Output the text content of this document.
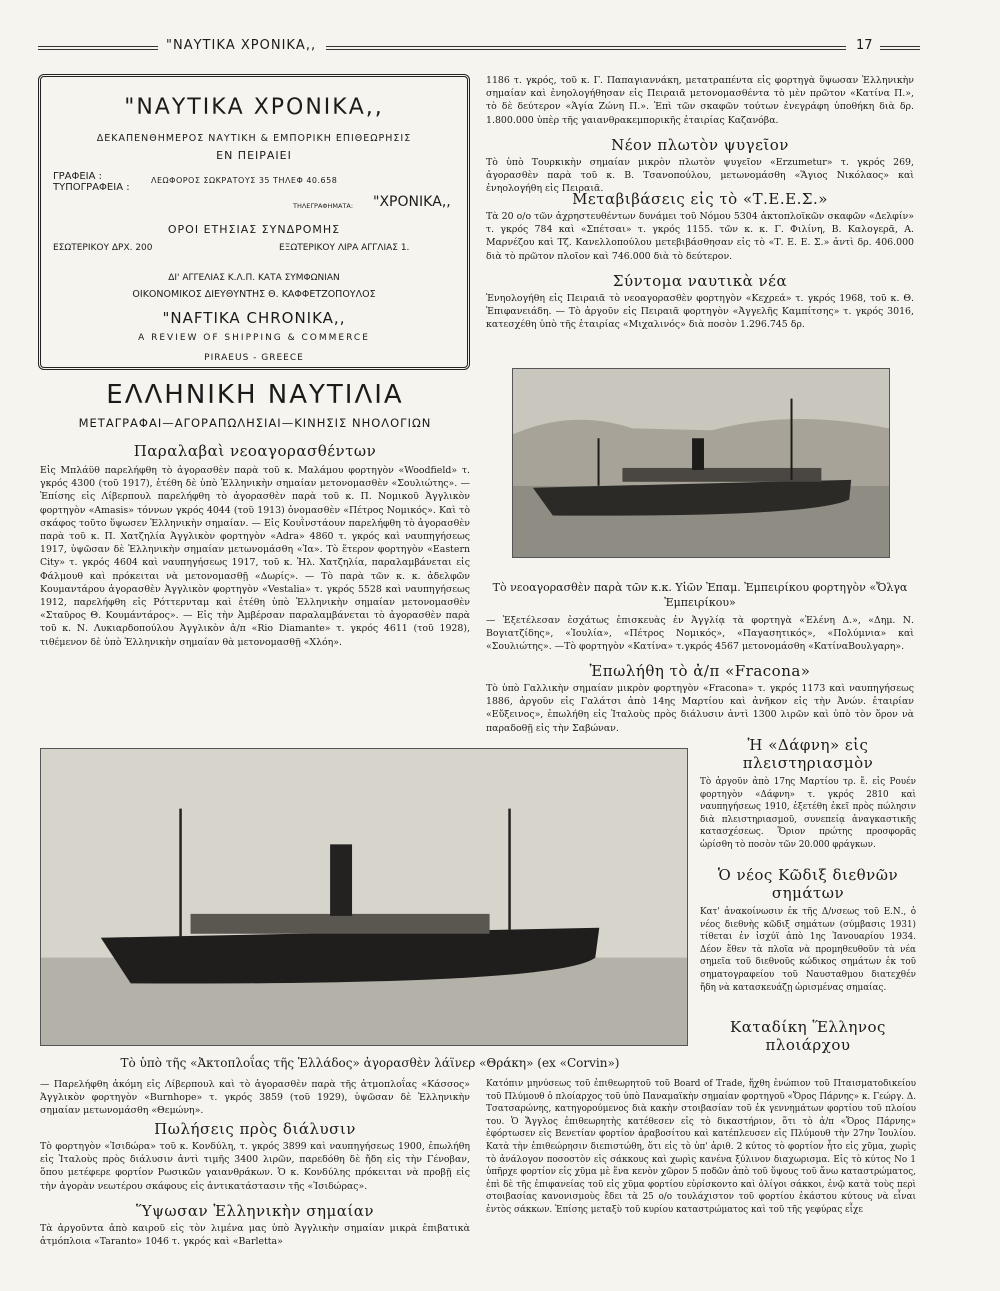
"ΝΑΥΤΙΚΑ ΧΡΟΝΙΚΑ,,	17
"ΝΑΥΤΙΚΑ ΧΡΟΝΙΚΑ,,
ΔΕΚΑΠΕΝΘΗΜΕΡΟΣ ΝΑΥΤΙΚΗ & ΕΜΠΟΡΙΚΗ ΕΠΙΘΕΩΡΗΣΙΣ
ΕΝ ΠΕΙΡΑΙΕΙ
ΓΡΑΦΕΙΑ :
ΤΥΠΟΓΡΑΦΕΙΑ :
ΛΕΩΦΟΡΟΣ ΣΩΚΡΑΤΟΥΣ 35 ΤΗΛΕΦ 40.658
ΤΗΛΕΓΡΑΦΗΜΑΤΑ: "ΧΡΟΝΙΚΑ,,
ΟΡΟΙ ΕΤΗΣΙΑΣ ΣΥΝΔΡΟΜΗΣ
ΕΣΩΤΕΡΙΚΟΥ ΔΡΧ. 200	ΕΞΩΤΕΡΙΚΟΥ ΛΙΡΑ ΑΓΓΛΙΑΣ 1.
ΔΙ' ΑΓΓΕΛΙΑΣ Κ.Λ.Π. ΚΑΤΑ ΣΥΜΦΩΝΙΑΝ
ΟΙΚΟΝΟΜΙΚΟΣ ΔΙΕΥΘΥΝΤΗΣ Θ. ΚΑΦΦΕΤΖΟΠΟΥΛΟΣ
"NAFTIKA CHRONIKA,,
A REVIEW OF SHIPPING & COMMERCE
PIRAEUS - GREECE
ΕΛΛΗΝΙΚΗ ΝΑΥΤΙΛΙΑ
ΜΕΤΑΓΡΑΦΑΙ—ΑΓΟΡΑΠΩΛΗΣΙΑΙ—ΚΙΝΗΣΙΣ ΝΗΟΛΟΓΙΩΝ
Παραλαβαὶ νεοαγορασθέντων
Εἰς Μπλάϋθ παρελήφθη τὸ ἀγορασθὲν παρὰ τοῦ κ. Μαλάμου φορτηγὸν «Woodfield» τ. γκρός 4300 (τοῦ 1917), ἐτέθη δὲ ὑπὸ Ἑλληνικὴν σημαίαν μετονομασθὲν «Σουλιώτης». — Ἐπίσης εἰς Λίβερπουλ παρελήφθη τὸ ἀγορασθὲν παρὰ τοῦ κ. Π. Νομικοῦ Ἀγγλικὸν φορτηγὸν «Amasis» τόννων γκρός 4044 (τοῦ 1913) ὀνομασθὲν «Πέτρος Νομικός». Καὶ τὸ σκάφος τοῦτο ὕψωσεν Ἑλληνικὴν σημαίαν. — Εἰς Κουῒνστάουν παρελήφθη τὸ ἀγορασθὲν παρὰ τοῦ κ. Π. Χατζηλία Ἀγγλικὸν φορτηγὸν «Adra» 4860 τ. γκρός καὶ ναυπηγήσεως 1917, ὑψῶσαν δὲ Ἑλληνικὴν σημαίαν μετωνομάσθη «Ἰα». Τὸ ἕτερον φορτηγὸν «Eastern City» τ. γκρός 4604 καὶ ναυπηγήσεως 1917, τοῦ κ. Ἠλ. Χατζηλία, παραλαμβάνεται εἰς Φάλμουθ καὶ πρόκειται νὰ μετονομασθῇ «Δωρίς». — Τὸ παρὰ τῶν κ. κ. ἀδελφῶν Κουμαντάρου ἀγορασθὲν Ἀγγλικὸν φορτηγὸν «Vestalia» τ. γκρός 5528 καὶ ναυπηγήσεως 1912, παρελήφθη εἰς Ρόττερνταμ καὶ ἐτέθη ὑπὸ Ἑλληνικὴν σημαίαν μετονομασθὲν «Σταῦρος Θ. Κουμάντάρος». — Εἰς τὴν Ἀμβέρσαν παραλαμβάνεται τὸ ἀγορασθὲν παρὰ τοῦ κ. Ν. Λυκιαρδοπούλου Ἀγγλικὸν ἀ/π «Rio Diamante» τ. γκρός 4611 (τοῦ 1928), τιθέμενον δὲ ὑπὸ Ἑλληνικὴν σημαίαν θὰ μετονομασθῇ «Χλόη».
1186 τ. γκρός, τοῦ κ. Γ. Παπαγιαννάκη, μετατραπέντα εἰς φορτηγὰ ὕψωσαν Ἑλληνικὴν σημαίαν καὶ ἐνηολογήθησαν εἰς Πειραιᾶ μετονομασθέντα τὸ μὲν πρῶτον «Κατίνα Π.», τὸ δὲ δεύτερον «Ἁγία Ζώνη Π.». Ἐπὶ τῶν σκαφῶν τούτων ἐνεγράφη ὑποθήκη διὰ δρ. 1.800.000 ὑπὲρ τῆς γαιανθρακεμπορικῆς ἑταιρίας Καζανόβα.
Νέον πλωτὸν ψυγεῖον
Τὸ ὑπὸ Τουρκικὴν σημαίαν μικρὸν πλωτὸν ψυγεῖον «Erzumetur» τ. γκρός 269, ἀγορασθὲν παρὰ τοῦ κ. Β. Τσανοπούλου, μετωνομάσθη «Ἅγιος Νικόλαος» καὶ ἐνηολογήθη εἰς Πειραιᾶ.
Μεταβιβάσεις εἰς τὸ «Τ.Ε.Ε.Σ.»
Τὰ 20 ο/ο τῶν ἀχρηστευθέντων δυνάμει τοῦ Νόμου 5304 ἀκτοπλοϊκῶν σκαφῶν «Δελφίν» τ. γκρός 784 καὶ «Σπέτσαι» τ. γκρός 1155. τῶν κ. κ. Γ. Φιλίνη, Β. Καλογερᾶ, Α. Μαρνέζου καὶ Τζ. Κανελλοπούλου μετεβιβάσθησαν εἰς τὸ «Τ. Ε. Ε. Σ.» ἀντὶ δρ. 406.000 διὰ τὸ πρῶτον πλοῖον καὶ 746.000 διὰ τὸ δεύτερον.
Σύντομα ναυτικὰ νέα
Ἐνηολογήθη εἰς Πειραιᾶ τὸ νεοαγορασθὲν φορτηγὸν «Κεχρεά» τ. γκρός 1968, τοῦ κ. Θ. Ἐπιφανειάδη. — Τὸ ἀργοῦν εἰς Πειραιᾶ φορτηγὸν «Ἀγγελῆς Καμπίτσης» τ. γκρός 3016, κατεσχέθη ὑπὸ τῆς ἑταιρίας «Μιχαλινός» διὰ ποσὸν 1.296.745 δρ.
Τὸ νεοαγορασθὲν παρὰ τῶν κ.κ. Υἱῶν Ἐπαμ. Ἐμπειρίκου φορτηγὸν «Ὄλγα Ἐμπειρίκου»
— Ἐξετέλεσαν ἐσχάτως ἐπισκευὰς ἐν Ἀγγλίᾳ τὰ φορτηγὰ «Ἑλένη Δ.», «Δημ. Ν. Βογιατζίδης», «Ἰουλία», «Πέτρος Νομικός», «Παγασητικός», «Πολύμνια» καὶ «Σουλιώτης». —Τὸ φορτηγὸν «Κατίνα» τ.γκρός 4567 μετονομάσθη «ΚατίναΒουλγαρη».
Ἐπωλήθη τὸ ἀ/π «Fracona»
Τὸ ὑπὸ Γαλλικὴν σημαίαν μικρὸν φορτηγὸν «Fracona» τ. γκρός 1173 καὶ ναυπηγήσεως 1886, ἀργοῦν εἰς Γαλάτσι ἀπὸ 14ης Μαρτίου καὶ ἀνῆκον εἰς τὴν Ἀνών. ἑταιρίαν «Εὔξεινος», ἐπωλήθη εἰς Ἰταλοὺς πρὸς διάλυσιν ἀντὶ 1300 λιρῶν καὶ ὑπὸ τὸν ὅρον νὰ παραδοθῇ εἰς τὴν Σαβώναν.
Τὸ ὑπὸ τῆς «Ἀκτοπλοΐας τῆς Ἑλλάδος» ἀγορασθὲν λάϊνερ «Θράκη» (ex «Corvin»)
Ἡ «Δάφνη» εἰς πλειστηριασμὸν
Τὸ ἀργοῦν ἀπὸ 17ης Μαρτίου τρ. ἔ. εἰς Ρουέν φορτηγὸν «Δάφνη» τ. γκρός 2810 καὶ ναυπηγήσεως 1910, ἐξετέθη ἐκεῖ πρὸς πώλησιν διὰ πλειστηριασμοῦ, συνεπείᾳ ἀναγκαστικῆς κατασχέσεως. Ὅριον πρώτης προσφορᾶς ὡρίσθη τὸ ποσὸν τῶν 20.000 φράγκων.
Ὁ νέος Κῶδιξ διεθνῶν σημάτων
Κατ' ἀνακοίνωσιν ἐκ τῆς Δ/νσεως τοῦ Ε.Ν., ὁ νέος διεθνὴς κῶδιξ σημάτων (σύμβασις 1931) τίθεται ἐν ἰσχύϊ ἀπὸ 1ης Ἰανουαρίου 1934. Δέον ἕθεν τὰ πλοῖα νὰ προμηθευθοῦν τὰ νέα σημεῖα τοῦ διεθνοῦς κώδικος σημάτων ἐκ τοῦ σηματογραφείου τοῦ Ναυσταθμου διατεχθέν ἤδη νὰ κατασκευάζῃ ὡρισμένας σημαίας.
Καταδίκη Ἕλληνος πλοιάρχου
Κατόπιν μηνύσεως τοῦ ἐπιθεωρητοῦ τοῦ Board of Trade, ἥχθη ἐνώπιον τοῦ Πταισματοδικείου τοῦ Πλύμουθ ὁ πλοίαρχος τοῦ ὑπὸ Παναμαϊκὴν σημαίαν φορτηγοῦ «Ὄρος Πάρνης» κ. Γεώργ. Δ. Τσατσαρώνης, κατηγορούμενος διὰ κακὴν στοιβασίαν τοῦ ἐκ γεννημάτων φορτίου τοῦ πλοίου του. Ὁ Ἄγγλος ἐπιθεωρητὴς κατέθεσεν εἰς τὸ δικαστήριον, ὅτι τὸ ἀ/π «Ὄρος Πάρνης» ἐφόρτωσεν εἰς Βενετίαν φορτίον ἀραβοσίτου καὶ κατέπλευσεν εἰς Πλύμουθ τὴν 27ην Ἰουλίου. Κατὰ τὴν ἐπιθεώρησιν διεπιστώθη, ὅτι εἰς τὸ ὑπ' ἀριθ. 2 κύτος τὸ φορτίον ἦτο εἰς χῦμα, χωρὶς τὸ ἀνάλογον ποσοστὸν εἰς σάκκους καὶ χωρὶς κανένα ξύλινον διαχωρισμα. Εἰς τὸ κύτος Νο 1 ὑπῆρχε φορτίον εἰς χῦμα μὲ ἕνα κενὸν χῶρον 5 ποδῶν ἀπὸ τοῦ ὕψους τοῦ ἄνω καταστρώματος, ἐπὶ δὲ τῆς ἐπιφανείας τοῦ εἰς χῦμα φορτίου εὑρίσκοντο καὶ ὀλίγοι σάκκοι, ἐνῷ κατὰ τοὺς περὶ στοιβασίας κανονισμοὺς ἔδει τὰ 25 ο/ο τουλάχιστον τοῦ φορτίου ἑκάστου κύτους νὰ εἶναι ἐντὸς σάκκων. Ἐπίσης μεταξὺ τοῦ κυρίου καταστρώματος καὶ τοῦ τῆς γεφύρας εἶχε
— Παρελήφθη ἀκόμη εἰς Λίβερπουλ καὶ τὸ ἀγορασθὲν παρὰ τῆς ἀτμοπλοΐας «Κάσσος» Ἀγγλικὸν φορτηγὸν «Burnhope» τ. γκρός 3859 (τοῦ 1929), ὑψῶσαν δὲ Ἑλληνικὴν σημαίαν μετωνομάσθη «Θεμώνη».
Πωλήσεις πρὸς διάλυσιν
Τὸ φορτηγὸν «Ἰσιδώρα» τοῦ κ. Κονδύλη, τ. γκρός 3899 καὶ ναυπηγήσεως 1900, ἐπωλήθη εἰς Ἰταλοὺς πρὸς διάλυσιν ἀντὶ τιμῆς 3400 λιρῶν, παρεδόθη δὲ ἤδη εἰς τὴν Γένοβαν, ὅπου μετέφερε φορτίον Ρωσικῶν γαιανθράκων. Ὁ κ. Κονδύλης πρόκειται νὰ προβῇ εἰς τὴν ἀγορὰν νεωτέρου σκάφους εἰς ἀντικατάστασιν τῆς «Ἰσιδώρας».
Ὕψωσαν Ἑλληνικὴν σημαίαν
Τὰ ἀργοῦντα ἀπὸ καιροῦ εἰς τὸν λιμένα μας ὑπὸ Ἀγγλικὴν σημαίαν μικρὰ ἐπιβατικὰ ἀτμόπλοια «Taranto» 1046 τ. γκρός καὶ «Barletta»
